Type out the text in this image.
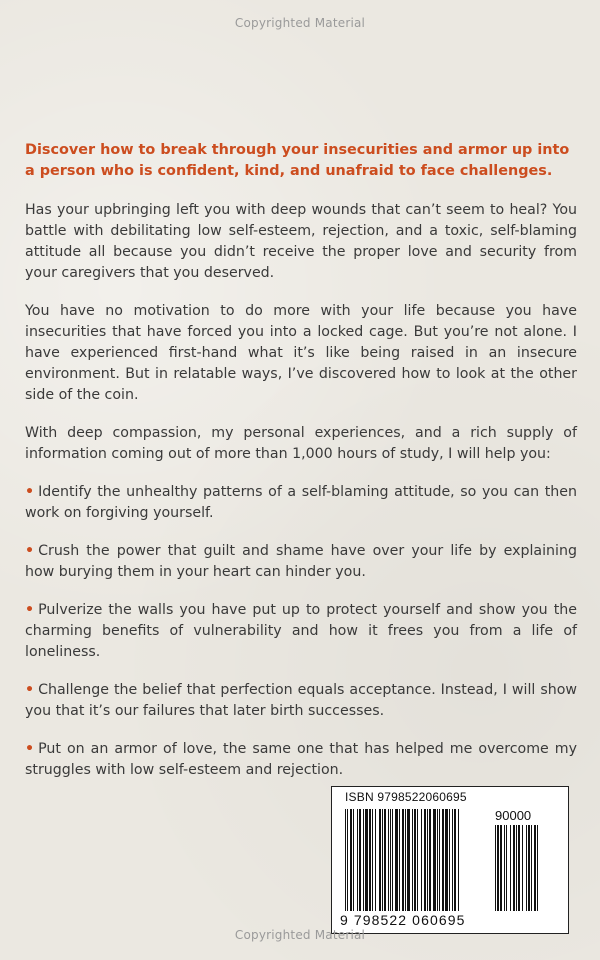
Copyrighted Material

Discover how to break through your insecurities and armor up into a person who is confident, kind, and unafraid to face challenges.

Has your upbringing left you with deep wounds that can’t seem to heal? You battle with debilitating low self-esteem, rejection, and a toxic, self-blaming attitude all because you didn’t receive the proper love and security from your caregivers that you deserved.

You have no motivation to do more with your life because you have insecurities that have forced you into a locked cage. But you’re not alone. I have experienced first-hand what it’s like being raised in an insecure environment. But in relatable ways, I’ve discovered how to look at the other side of the coin.

With deep compassion, my personal experiences, and a rich supply of information coming out of more than 1,000 hours of study, I will help you:

• Identify the unhealthy patterns of a self-blaming attitude, so you can then work on forgiving yourself.

• Crush the power that guilt and shame have over your life by explaining how burying them in your heart can hinder you.

• Pulverize the walls you have put up to protect yourself and show you the charming benefits of vulnerability and how it frees you from a life of loneliness.

• Challenge the belief that perfection equals acceptance. Instead, I will show you that it’s our failures that later birth successes.

• Put on an armor of love, the same one that has helped me overcome my struggles with low self-esteem and rejection.

ISBN 9798522060695
90000
9 798522 060695
Copyrighted Material
